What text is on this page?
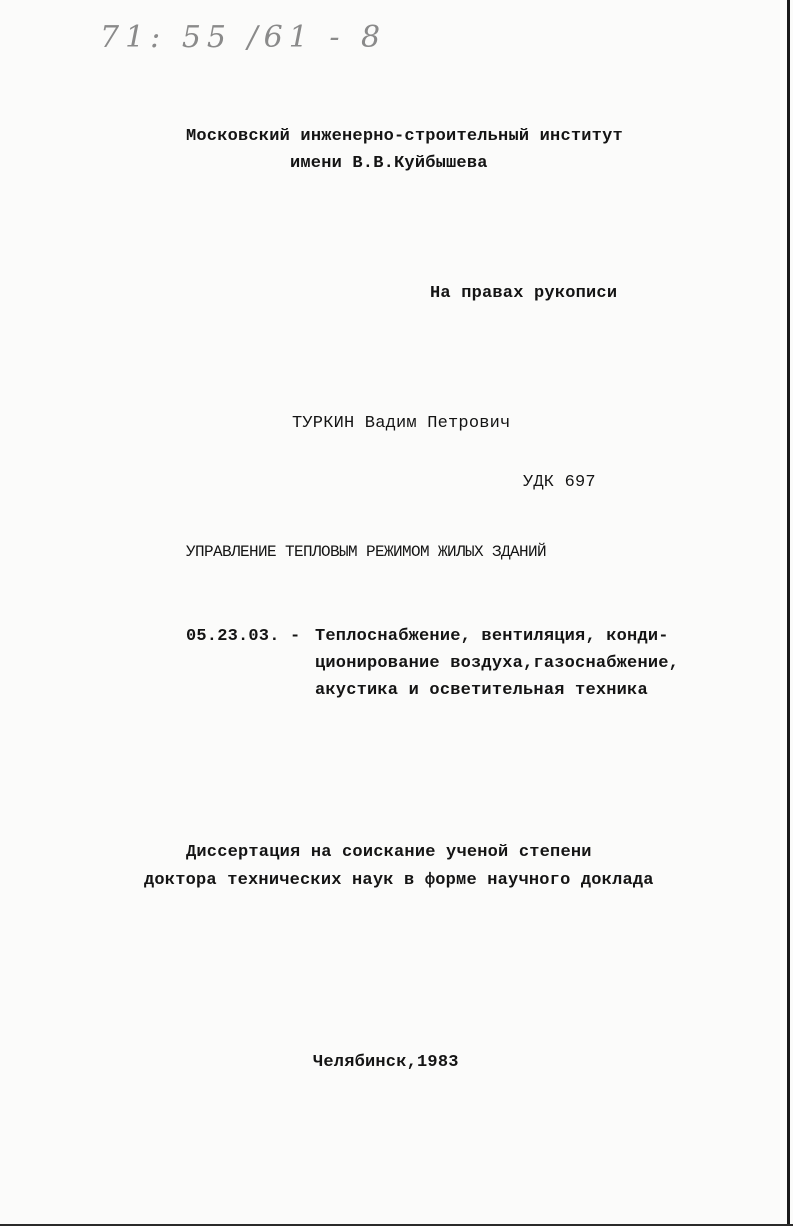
71: 55 /61 - 8
Московский инженерно-строительный институт
имени В.В.Куйбышева
На правах рукописи
ТУРКИН Вадим Петрович
УДК 697
УПРАВЛЕНИЕ ТЕПЛОВЫМ РЕЖИМОМ ЖИЛЫХ ЗДАНИЙ
05.23.03. - Теплоснабжение, вентиляция, конди-
ционирование воздуха,газоснабжение,
акустика и осветительная техника
Диссертация на соискание ученой степени
доктора технических наук в форме научного доклада
Челябинск,1983
